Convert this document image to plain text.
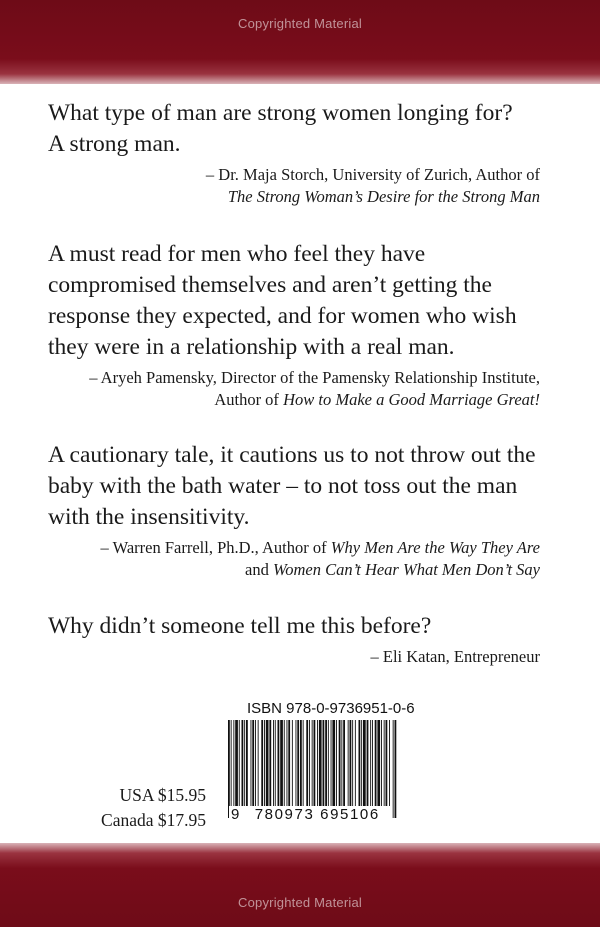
Copyrighted Material

What type of man are strong women longing for? A strong man.

– Dr. Maja Storch, University of Zurich, Author of
The Strong Woman’s Desire for the Strong Man

A must read for men who feel they have compromised themselves and aren’t getting the response they expected, and for women who wish they were in a relationship with a real man.

– Aryeh Pamensky, Director of the Pamensky Relationship Institute,
Author of How to Make a Good Marriage Great!

A cautionary tale, it cautions us to not throw out the baby with the bath water – to not toss out the man with the insensitivity.

– Warren Farrell, Ph.D., Author of Why Men Are the Way They Are
and Women Can’t Hear What Men Don’t Say

Why didn’t someone tell me this before?

– Eli Katan, Entrepreneur

USA $15.95
Canada $17.95
ISBN 978-0-9736951-0-6
9 780973 695106
Copyrighted Material
